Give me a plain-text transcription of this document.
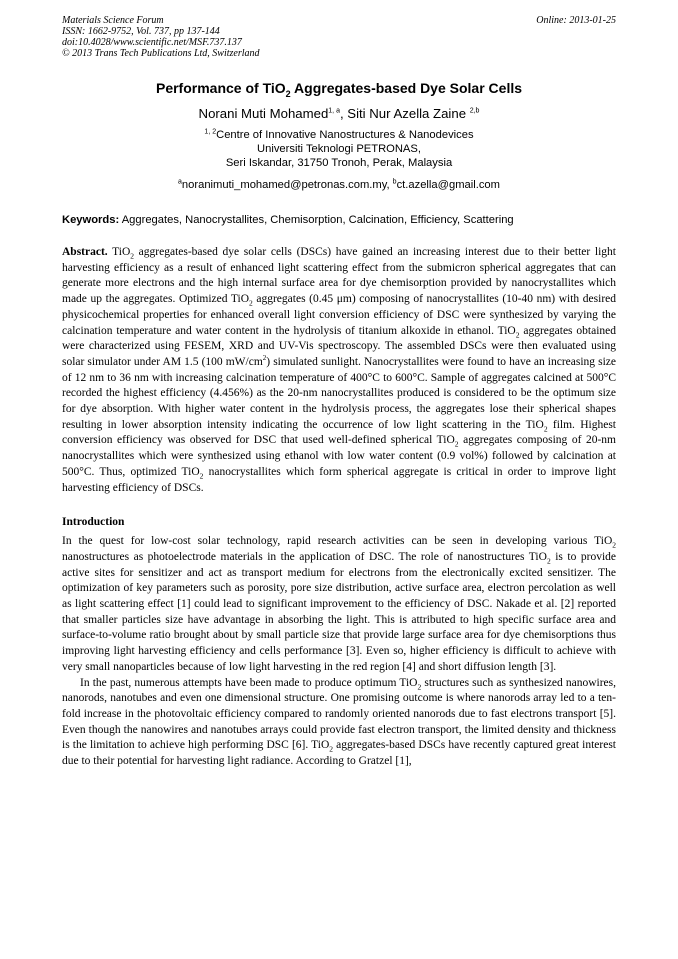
Materials Science Forum
ISSN: 1662-9752, Vol. 737, pp 137-144
doi:10.4028/www.scientific.net/MSF.737.137
© 2013 Trans Tech Publications Ltd, Switzerland
Online: 2013-01-25
Performance of TiO$_2$ Aggregates-based Dye Solar Cells
Norani Muti Mohamed$^{1, a}$, Siti Nur Azella Zaine $^{2,b}$
$^{1, 2}$Centre of Innovative Nanostructures & Nanodevices
Universiti Teknologi PETRONAS,
Seri Iskandar, 31750 Tronoh, Perak, Malaysia
$^a$noranimuti_mohamed@petronas.com.my, $^b$ct.azella@gmail.com
Keywords: Aggregates, Nanocrystallites, Chemisorption, Calcination, Efficiency, Scattering
Abstract. TiO$_2$ aggregates-based dye solar cells (DSCs) have gained an increasing interest due to their better light harvesting efficiency as a result of enhanced light scattering effect from the submicron spherical aggregates that can generate more electrons and the high internal surface area for dye chemisorption provided by nanocrystallites which made up the aggregates. Optimized TiO$_2$ aggregates (0.45 μm) composing of nanocrystallites (10-40 nm) with desired physicochemical properties for enhanced overall light conversion efficiency of DSC were synthesized by varying the calcination temperature and water content in the hydrolysis of titanium alkoxide in ethanol. TiO$_2$ aggregates obtained were characterized using FESEM, XRD and UV-Vis spectroscopy. The assembled DSCs were then evaluated using solar simulator under AM 1.5 (100 $mW/cm^2$) simulated sunlight. Nanocrystallites were found to have an increasing size of 12 nm to 36 nm with increasing calcination temperature of 400°C to 600°C. Sample of aggregates calcined at 500°C recorded the highest efficiency (4.456%) as the 20-nm nanocrystallites produced is considered to be the optimum size for dye absorption. With higher water content in the hydrolysis process, the aggregates lose their spherical shapes resulting in lower absorption intensity indicating the occurrence of low light scattering in the TiO$_2$ film. Highest conversion efficiency was observed for DSC that used well-defined spherical TiO$_2$ aggregates composing of 20-nm nanocrystallites which were synthesized using ethanol with low water content (0.9 vol%) followed by calcination at 500°C. Thus, optimized TiO$_2$ nanocrystallites which form spherical aggregate is critical in order to improve light harvesting efficiency of DSCs.
Introduction
In the quest for low-cost solar technology, rapid research activities can be seen in developing various TiO$_2$ nanostructures as photoelectrode materials in the application of DSC. The role of nanostructures TiO$_2$ is to provide active sites for sensitizer and act as transport medium for electrons from the electronically excited sensitizer. The optimization of key parameters such as porosity, pore size distribution, active surface area, electron percolation as well as light scattering effect [1] could lead to significant improvement to the efficiency of DSC. Nakade et al. [2] reported that smaller particles size have advantage in absorbing the light. This is attributed to high specific surface area and surface-to-volume ratio brought about by small particle size that provide large surface area for dye chemisorptions thus improving light harvesting efficiency and cells performance [3]. Even so, higher efficiency is difficult to achieve with very small nanoparticles because of low light harvesting in the red region [4] and short diffusion length [3].
In the past, numerous attempts have been made to produce optimum TiO$_2$ structures such as synthesized nanowires, nanorods, nanotubes and even one dimensional structure. One promising outcome is where nanorods array led to a ten-fold increase in the photovoltaic efficiency compared to randomly oriented nanorods due to fast electrons transport [5]. Even though the nanowires and nanotubes arrays could provide fast electron transport, the limited density and thickness is the limitation to achieve high performing DSC [6]. TiO$_2$ aggregates-based DSCs have recently captured great interest due to their potential for harvesting light radiance. According to Gratzel [1],
